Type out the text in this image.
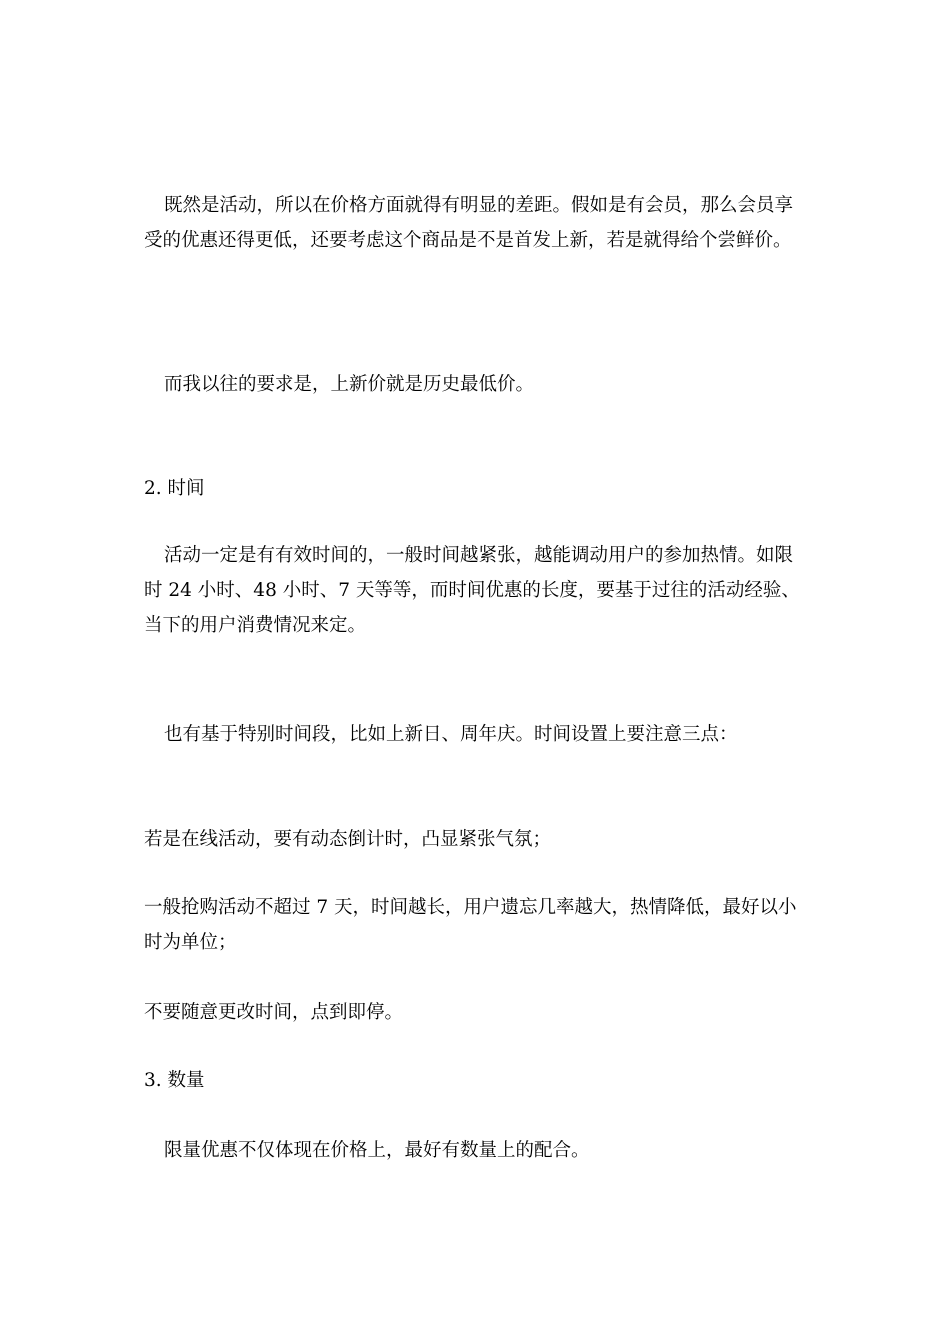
既然是活动，所以在价格方面就得有明显的差距。假如是有会员，那么会员享受的优惠还得更低，还要考虑这个商品是不是首发上新，若是就得给个尝鲜价。

而我以往的要求是，上新价就是历史最低价。

2. 时间

活动一定是有有效时间的，一般时间越紧张，越能调动用户的参加热情。如限时 24 小时、48 小时、7 天等等，而时间优惠的长度，要基于过往的活动经验、当下的用户消费情况来定。

也有基于特别时间段，比如上新日、周年庆。时间设置上要注意三点：

若是在线活动，要有动态倒计时，凸显紧张气氛；

一般抢购活动不超过 7 天，时间越长，用户遗忘几率越大，热情降低，最好以小时为单位；

不要随意更改时间，点到即停。

3. 数量

限量优惠不仅体现在价格上，最好有数量上的配合。
